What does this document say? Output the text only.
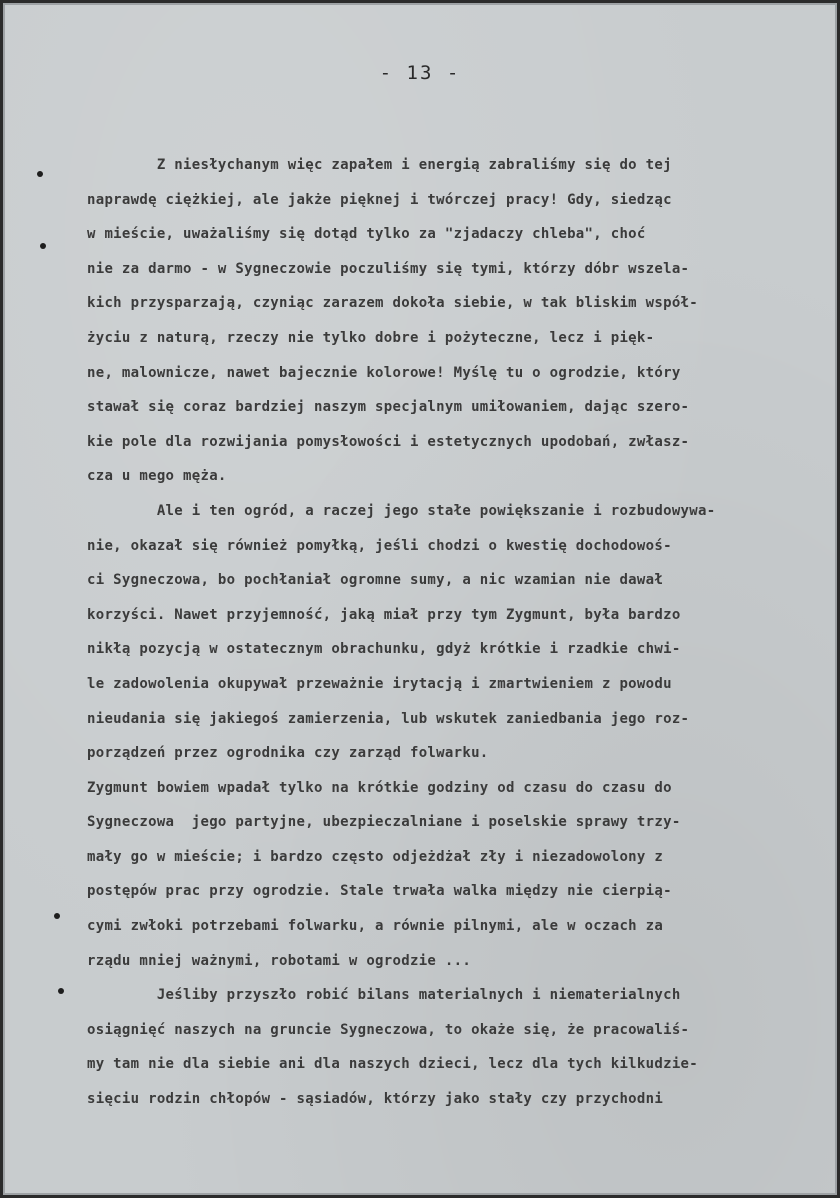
- 13 -
Z niesłychanym więc zapałem i energią zabraliśmy się do tej
naprawdę ciężkiej, ale jakże pięknej i twórczej pracy! Gdy, siedząc
w mieście, uważaliśmy się dotąd tylko za "zjadaczy chleba", choć
nie za darmo - w Sygneczowie poczuliśmy się tymi, którzy dóbr wszela-
kich przysparzają, czyniąc zarazem dokoła siebie, w tak bliskim współ-
życiu z naturą, rzeczy nie tylko dobre i pożyteczne, lecz i pięk-
ne, malownicze, nawet bajecznie kolorowe! Myślę tu o ogrodzie, który
stawał się coraz bardziej naszym specjalnym umiłowaniem, dając szero-
kie pole dla rozwijania pomysłowości i estetycznych upodobań, zwłasz-
cza u mego męża.
Ale i ten ogród, a raczej jego stałe powiększanie i rozbudowywa-
nie, okazał się również pomyłką, jeśli chodzi o kwestię dochodowoś-
ci Sygneczowa, bo pochłaniał ogromne sumy, a nic wzamian nie dawał
korzyści. Nawet przyjemność, jaką miał przy tym Zygmunt, była bardzo
nikłą pozycją w ostatecznym obrachunku, gdyż krótkie i rzadkie chwi-
le zadowolenia okupywał przeważnie irytacją i zmartwieniem z powodu
nieudania się jakiegoś zamierzenia, lub wskutek zaniedbania jego roz-
porządzeń przez ogrodnika czy zarząd folwarku.
Zygmunt bowiem wpadał tylko na krótkie godziny od czasu do czasu do
Sygneczowa  jego partyjne, ubezpieczalniane i poselskie sprawy trzy-
mały go w mieście; i bardzo często odjeżdżał zły i niezadowolony z
postępów prac przy ogrodzie. Stale trwała walka między nie cierpią-
cymi zwłoki potrzebami folwarku, a równie pilnymi, ale w oczach za
rządu mniej ważnymi, robotami w ogrodzie ...
Jeśliby przyszło robić bilans materialnych i niematerialnych
osiągnięć naszych na gruncie Sygneczowa, to okaże się, że pracowaliś-
my tam nie dla siebie ani dla naszych dzieci, lecz dla tych kilkudzie-
sięciu rodzin chłopów - sąsiadów, którzy jako stały czy przychodni
